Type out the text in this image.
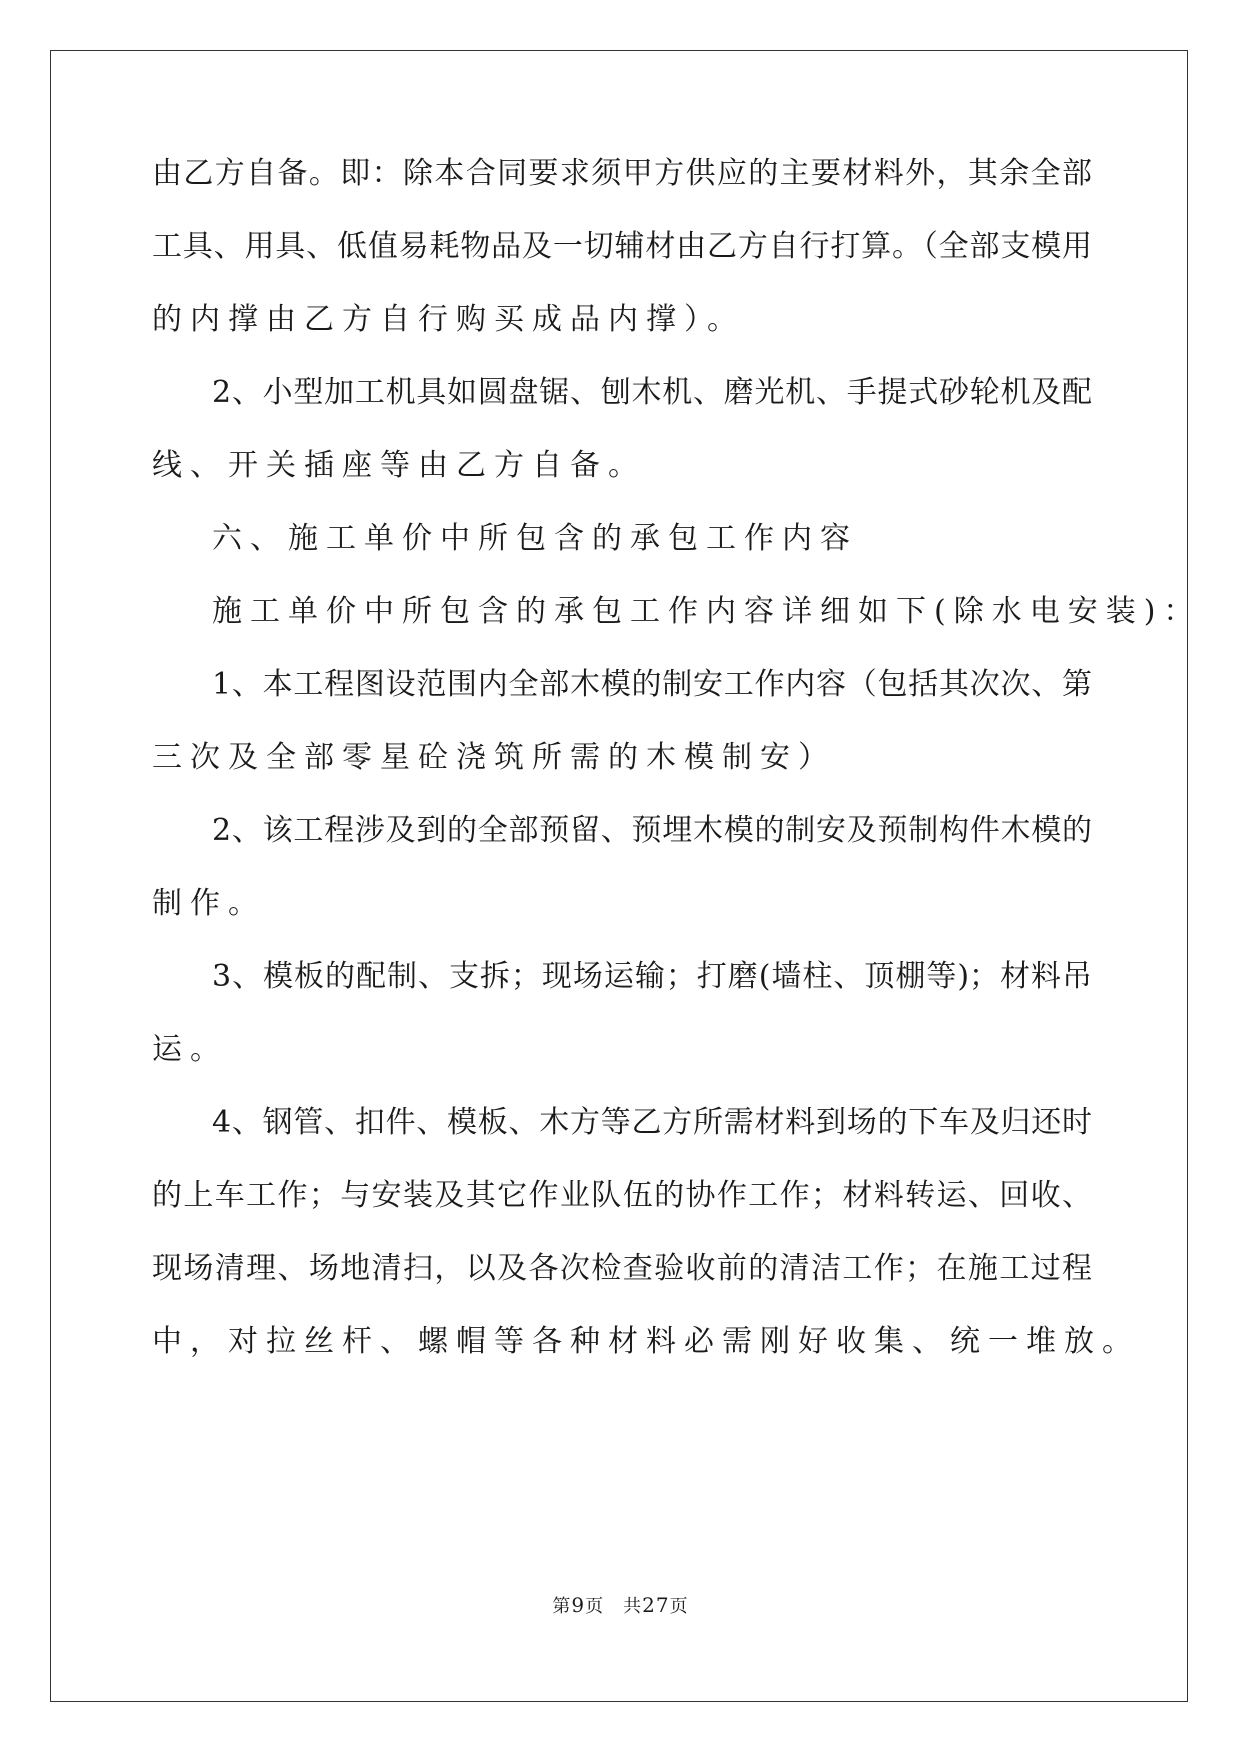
由乙方自备。即：除本合同要求须甲方供应的主要材料外，其余全部
工具、用具、低值易耗物品及一切辅材由乙方自行打算。（全部支模用
的内撑由乙方自行购买成品内撑）。
2、小型加工机具如圆盘锯、刨木机、磨光机、手提式砂轮机及配
线、开关插座等由乙方自备。
六、施工单价中所包含的承包工作内容
施工单价中所包含的承包工作内容详细如下(除水电安装)：
1、本工程图设范围内全部木模的制安工作内容（包括其次次、第
三次及全部零星砼浇筑所需的木模制安）
2、该工程涉及到的全部预留、预埋木模的制安及预制构件木模的
制作。
3、模板的配制、支拆；现场运输；打磨(墙柱、顶棚等)；材料吊
运。
4、钢管、扣件、模板、木方等乙方所需材料到场的下车及归还时
的上车工作；与安装及其它作业队伍的协作工作；材料转运、回收、
现场清理、场地清扫，以及各次检查验收前的清洁工作；在施工过程
中，对拉丝杆、螺帽等各种材料必需刚好收集、统一堆放。
第9页　共27页
